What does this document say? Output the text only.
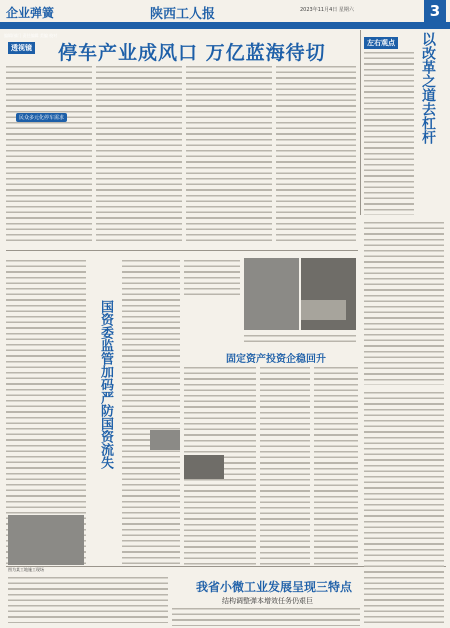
企业弹簧	陕西工人报	2023年11月4日 星期六	3
编辑/部门 责任编辑 美编 校对
透视镜 停车产业成风口 万亿蓝海待切
民众多元化停车需求
左右观点 以改革之道去杠杆
国资委监管加码严防国资流失	固定资产投资企稳回升
图为某工地施工现场
我省小微工业发展呈现三特点
结构调整弹本增效任务仍艰巨
